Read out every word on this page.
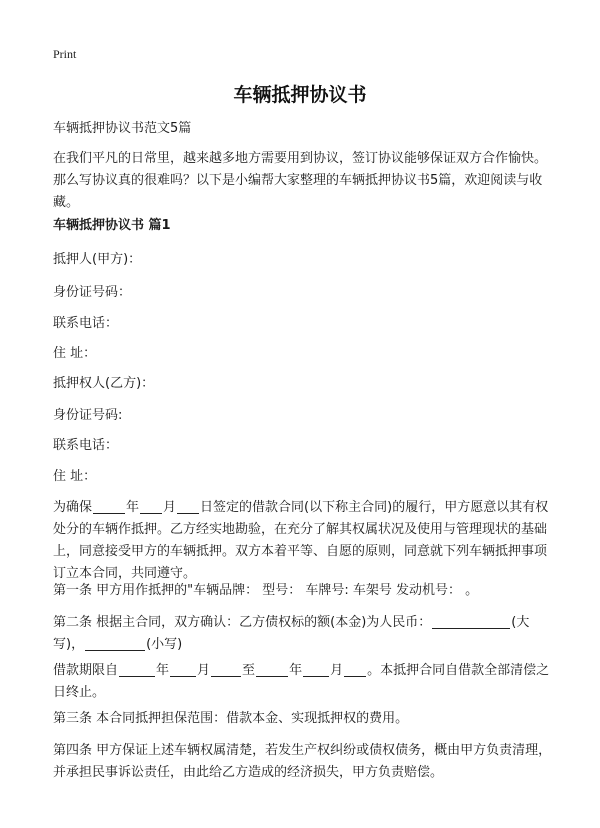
Print
车辆抵押协议书

车辆抵押协议书范文5篇

在我们平凡的日常里，越来越多地方需要用到协议，签订协议能够保证双方合作愉快。那么写协议真的很难吗？以下是小编帮大家整理的车辆抵押协议书5篇，欢迎阅读与收藏。

车辆抵押协议书 篇1

抵押人(甲方)：

身份证号码：

联系电话：

住 址：

抵押权人(乙方)：

身份证号码:

联系电话：

住 址：

为确保	年 月 日签定的借款合同(以下称主合同)的履行，甲方愿意以其有权处分的车辆作抵押。乙方经实地勘验，在充分了解其权属状况及使用与管理现状的基础上，同意接受甲方的车辆抵押。双方本着平等、自愿的原则，同意就下列车辆抵押事项订立本合同，共同遵守。

第一条 甲方用作抵押的"车辆品牌： 型号： 车牌号: 车架号 发动机号： 。

第二条 根据主合同，双方确认：乙方债权标的额(本金)为人民币：	(大写)，	(小写)

借款期限自	年 月 至	年 月 。本抵押合同自借款全部清偿之日终止。

第三条 本合同抵押担保范围：借款本金、实现抵押权的费用。

第四条 甲方保证上述车辆权属清楚，若发生产权纠纷或债权债务，概由甲方负责清理，并承担民事诉讼责任，由此给乙方造成的经济损失，甲方负责赔偿。
